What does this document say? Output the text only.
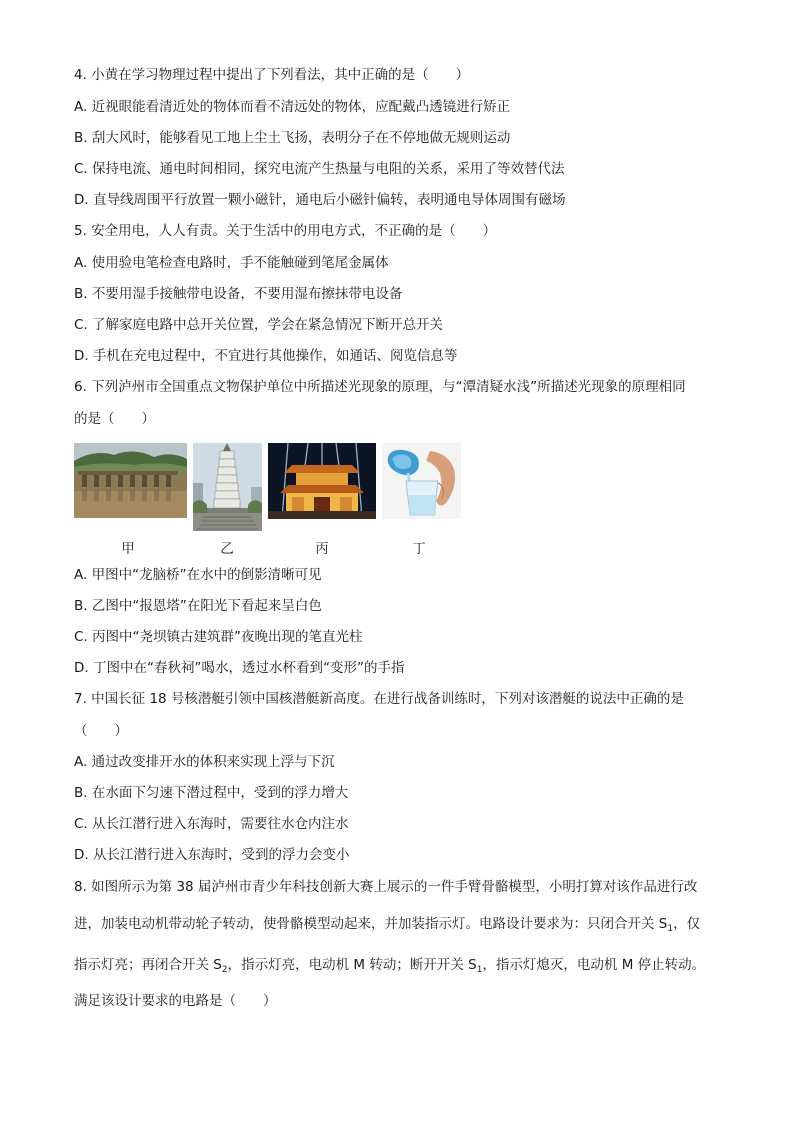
4. 小黄在学习物理过程中提出了下列看法，其中正确的是（　　）
A. 近视眼能看清近处的物体而看不清远处的物体，应配戴凸透镜进行矫正
B. 刮大风时，能够看见工地上尘土飞扬，表明分子在不停地做无规则运动
C. 保持电流、通电时间相同，探究电流产生热量与电阻的关系，采用了等效替代法
D. 直导线周围平行放置一颗小磁针，通电后小磁针偏转，表明通电导体周围有磁场
5. 安全用电，人人有责。关于生活中的用电方式，不正确的是（　　）
A. 使用验电笔检查电路时，手不能触碰到笔尾金属体
B. 不要用湿手接触带电设备，不要用湿布擦抹带电设备
C. 了解家庭电路中总开关位置，学会在紧急情况下断开总开关
D. 手机在充电过程中，不宜进行其他操作，如通话、阅览信息等
6. 下列泸州市全国重点文物保护单位中所描述光现象的原理，与“潭清疑水浅”所描述光现象的原理相同
的是（　　）
甲	乙	丙	丁
A. 甲图中“龙脑桥”在水中的倒影清晰可见
B. 乙图中“报恩塔”在阳光下看起来呈白色
C. 丙图中“尧坝镇古建筑群”夜晚出现的笔直光柱
D. 丁图中在“春秋祠”喝水，透过水杯看到“变形”的手指
7. 中国长征 18 号核潜艇引领中国核潜艇新高度。在进行战备训练时，下列对该潜艇的说法中正确的是
（　　）
A. 通过改变排开水的体积来实现上浮与下沉
B. 在水面下匀速下潜过程中，受到的浮力增大
C. 从长江潜行进入东海时，需要往水仓内注水
D. 从长江潜行进入东海时，受到的浮力会变小
8. 如图所示为第 38 届泸州市青少年科技创新大赛上展示的一件手臂骨骼模型，小明打算对该作品进行改
进，加装电动机带动轮子转动，使骨骼模型动起来，并加装指示灯。电路设计要求为：只闭合开关 $S_1$，仅
指示灯亮；再闭合开关 $S_2$，指示灯亮，电动机 M 转动；断开开关 $S_1$，指示灯熄灭，电动机 M 停止转动。
满足该设计要求的电路是（　　）
